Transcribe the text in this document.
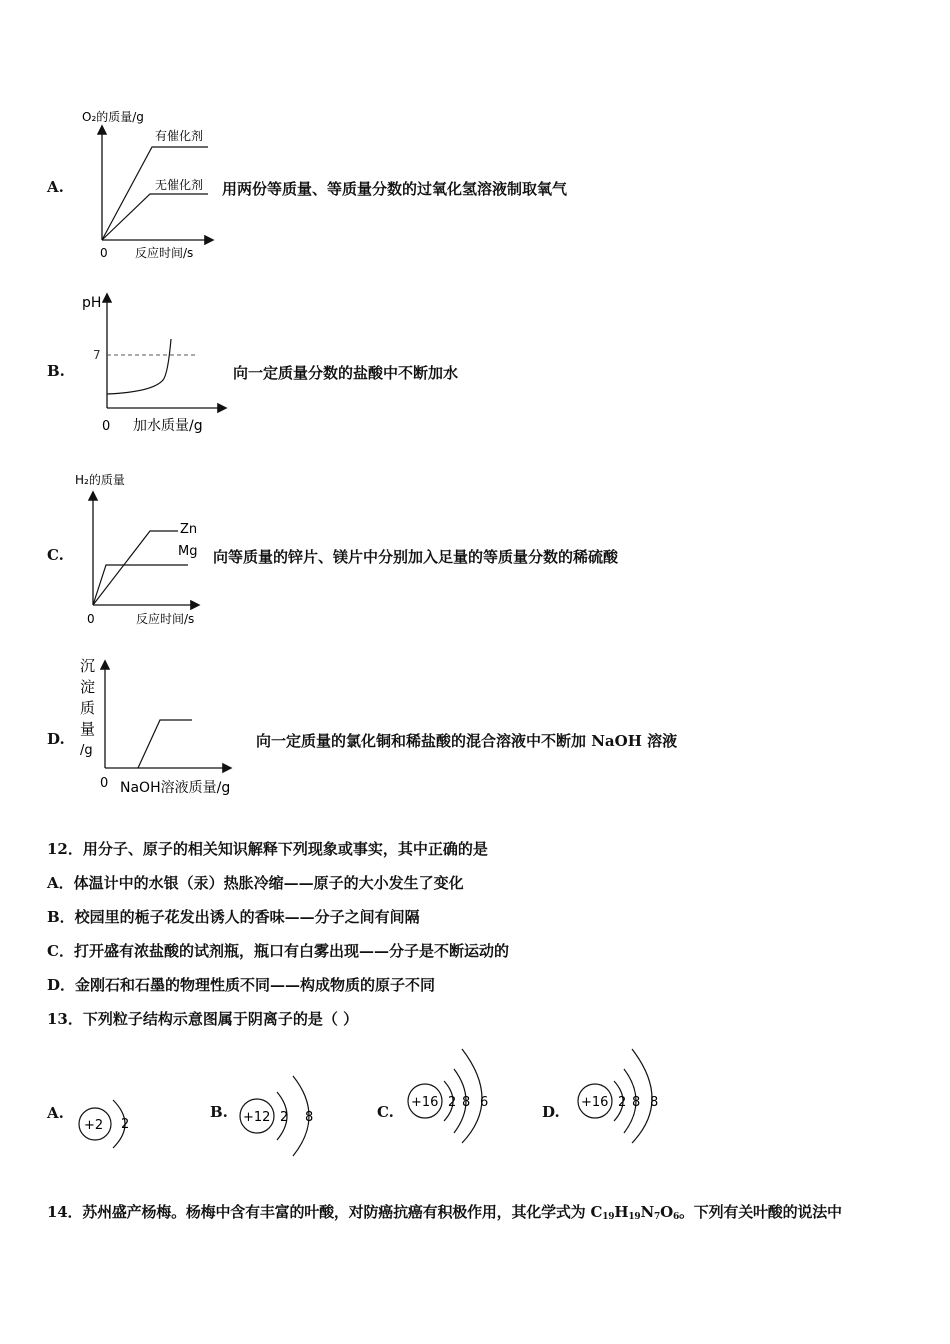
A.
O₂的质量/g
有催化剂
无催化剂
0 反应时间/s
用两份等质量、等质量分数的过氧化氢溶液制取氧气
B.
pH
7
0 加水质量/g
向一定质量分数的盐酸中不断加水
C.
H₂的质量
Zn
Mg
0	反应时间/s
向等质量的锌片、镁片中分别加入足量的等质量分数的稀硫酸
D.
沉
淀
质
量
/g
0 NaOH溶液质量/g
向一定质量的氯化铜和稀盐酸的混合溶液中不断加 NaOH 溶液
12．用分子、原子的相关知识解释下列现象或事实，其中正确的是
A．体温计中的水银（汞）热胀冷缩——原子的大小发生了变化
B．校园里的栀子花发出诱人的香味——分子之间有间隔
C．打开盛有浓盐酸的试剂瓶，瓶口有白雾出现——分子是不断运动的
D．金刚石和石墨的物理性质不同——构成物质的原子不同
13．下列粒子结构示意图属于阴离子的是（ ）
A.
+2 2
B. +12 2 8	C.
+16 2 8 6
D.
+16 2 8 8
14．苏州盛产杨梅。杨梅中含有丰富的叶酸，对防癌抗癌有积极作用，其化学式为 $C_{19}H_{19}N_7O_6$。下列有关叶酸的说法中
